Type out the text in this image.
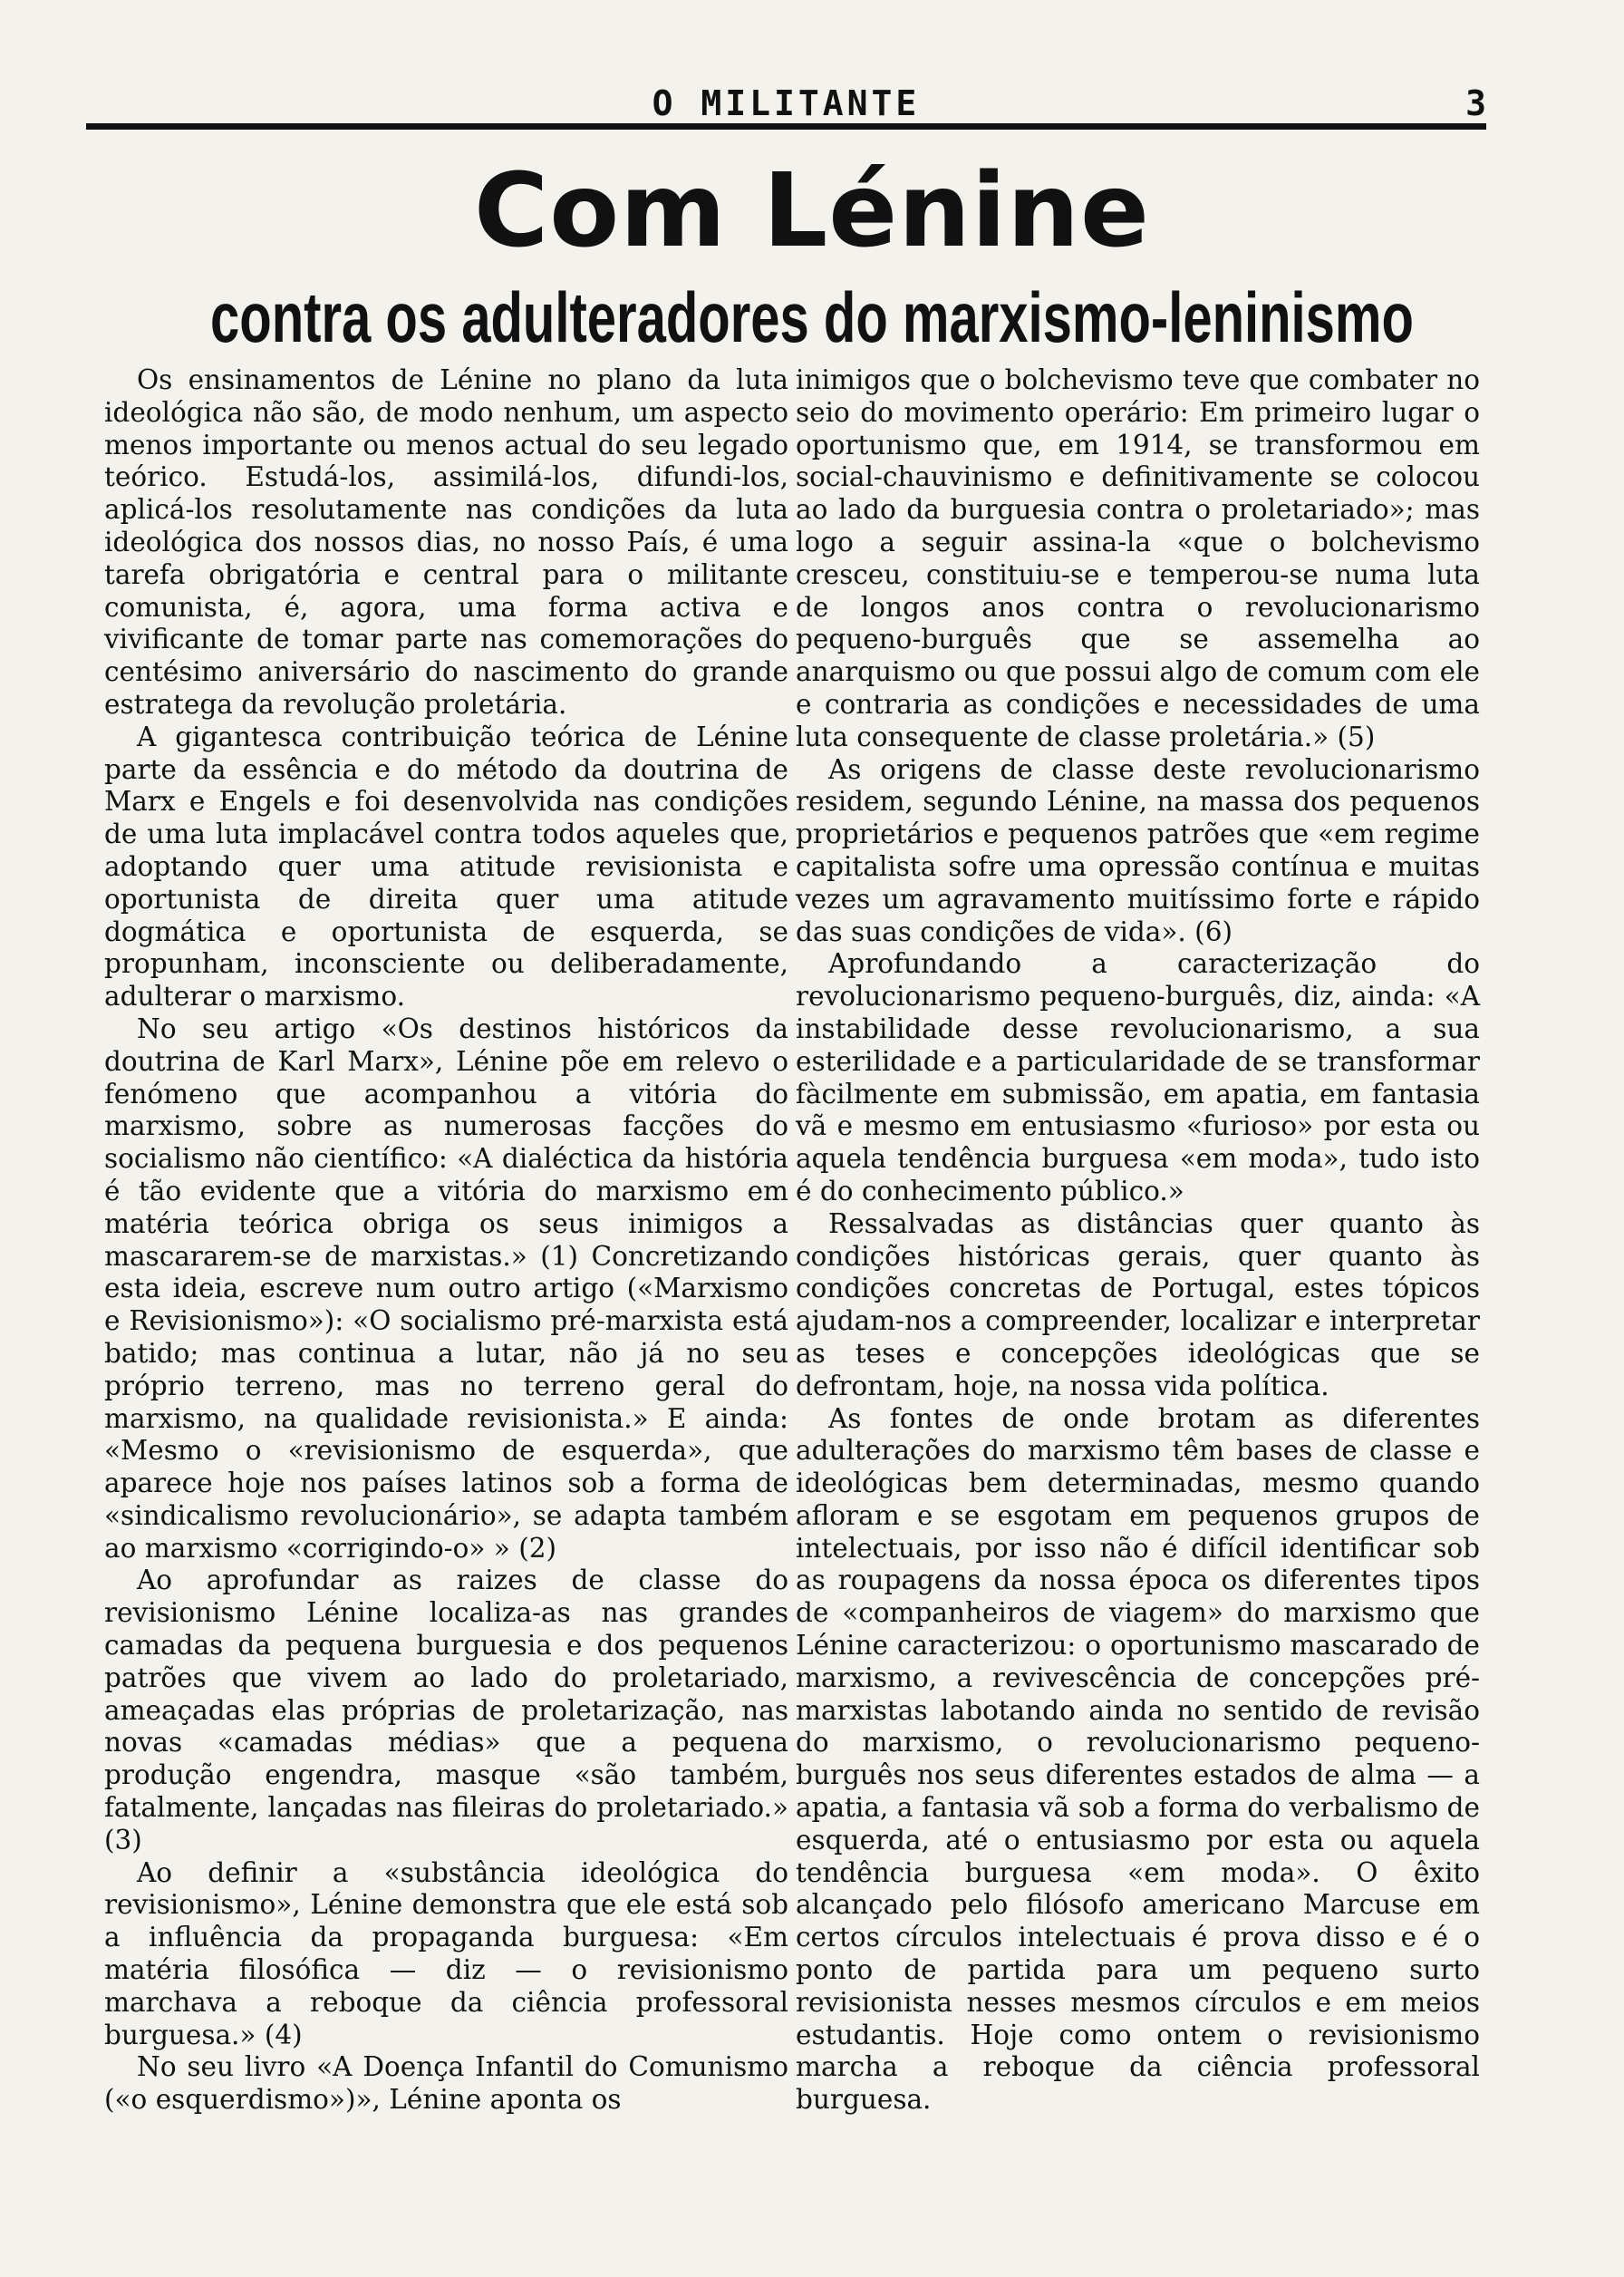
O MILITANTE	3
Com Lénine
contra os adulteradores do marxismo-leninismo

Os ensinamentos de Lénine no plano da luta ideológica não são, de modo nenhum, um aspecto menos importante ou menos actual do seu legado teórico. Estudá-los, assimilá-los, difundi-los, aplicá-los resolutamente nas condições da luta ideológica dos nossos dias, no nosso País, é uma tarefa obrigatória e central para o militante comunista, é, agora, uma forma activa e vivificante de tomar parte nas comemorações do centésimo aniversário do nascimento do grande estratega da revolução proletária.

A gigantesca contribuição teórica de Lénine parte da essência e do método da doutrina de Marx e Engels e foi desenvolvida nas condições de uma luta implacável contra todos aqueles que, adoptando quer uma atitude revisionista e oportunista de direita quer uma atitude dogmática e oportunista de esquerda, se propunham, inconsciente ou deliberadamente, adulterar o marxismo.

No seu artigo «Os destinos históricos da doutrina de Karl Marx», Lénine põe em relevo o fenómeno que acompanhou a vitória do marxismo, sobre as numerosas facções do socialismo não científico: «A dialéctica da história é tão evidente que a vitória do marxismo em matéria teórica obriga os seus inimigos a mascararem-se de marxistas.» (1) Concretizando esta ideia, escreve num outro artigo («Marxismo e Revisionismo»): «O socialismo pré-marxista está batido; mas continua a lutar, não já no seu próprio terreno, mas no terreno geral do marxismo, na qualidade revisionista.» E ainda: «Mesmo o «revisionismo de esquerda», que aparece hoje nos países latinos sob a forma de «sindicalismo revolucionário», se adapta também ao marxismo «corrigindo-o» » (2)

Ao aprofundar as raizes de classe do revisionismo Lénine localiza-as nas grandes camadas da pequena burguesia e dos pequenos patrões que vivem ao lado do proletariado, ameaçadas elas próprias de proletarização, nas novas «camadas médias» que a pequena produção engendra, masque «são também, fatalmente, lançadas nas fileiras do proletariado.» (3)

Ao definir a «substância ideológica do revisionismo», Lénine demonstra que ele está sob a influência da propaganda burguesa: «Em matéria filosófica — diz — o revisionismo marchava a reboque da ciência professoral burguesa.» (4)

No seu livro «A Doença Infantil do Comunismo («o esquerdismo»)», Lénine aponta os

inimigos que o bolchevismo teve que combater no seio do movimento operário: Em primeiro lugar o oportunismo que, em 1914, se transformou em social-chauvinismo e definitivamente se colocou ao lado da burguesia contra o proletariado»; mas logo a seguir assina-la «que o bolchevismo cresceu, constituiu-se e temperou-se numa luta de longos anos contra o revolucionarismo pequeno-burguês que se assemelha ao anarquismo ou que possui algo de comum com ele e contraria as condições e necessidades de uma luta consequente de classe proletária.» (5)

As origens de classe deste revolucionarismo residem, segundo Lénine, na massa dos pequenos proprietários e pequenos patrões que «em regime capitalista sofre uma opressão contínua e muitas vezes um agravamento muitíssimo forte e rápido das suas condições de vida». (6)

Aprofundando a caracterização do revolucionarismo pequeno-burguês, diz, ainda: «A instabilidade desse revolucionarismo, a sua esterilidade e a particularidade de se transformar fàcilmente em submissão, em apatia, em fantasia vã e mesmo em entusiasmo «furioso» por esta ou aquela tendência burguesa «em moda», tudo isto é do conhecimento público.»

Ressalvadas as distâncias quer quanto às condições históricas gerais, quer quanto às condições concretas de Portugal, estes tópicos ajudam-nos a compreender, localizar e interpretar as teses e concepções ideológicas que se defrontam, hoje, na nossa vida política.

As fontes de onde brotam as diferentes adulterações do marxismo têm bases de classe e ideológicas bem determinadas, mesmo quando afloram e se esgotam em pequenos grupos de intelectuais, por isso não é difícil identificar sob as roupagens da nossa época os diferentes tipos de «companheiros de viagem» do marxismo que Lénine caracterizou: o oportunismo mascarado de marxismo, a revivescência de concepções pré-marxistas labotando ainda no sentido de revisão do marxismo, o revolucionarismo pequeno-burguês nos seus diferentes estados de alma — a apatia, a fantasia vã sob a forma do verbalismo de esquerda, até o entusiasmo por esta ou aquela tendência burguesa «em moda». O êxito alcançado pelo filósofo americano Marcuse em certos círculos intelectuais é prova disso e é o ponto de partida para um pequeno surto revisionista nesses mesmos círculos e em meios estudantis. Hoje como ontem o revisionismo marcha a reboque da ciência professoral burguesa.
